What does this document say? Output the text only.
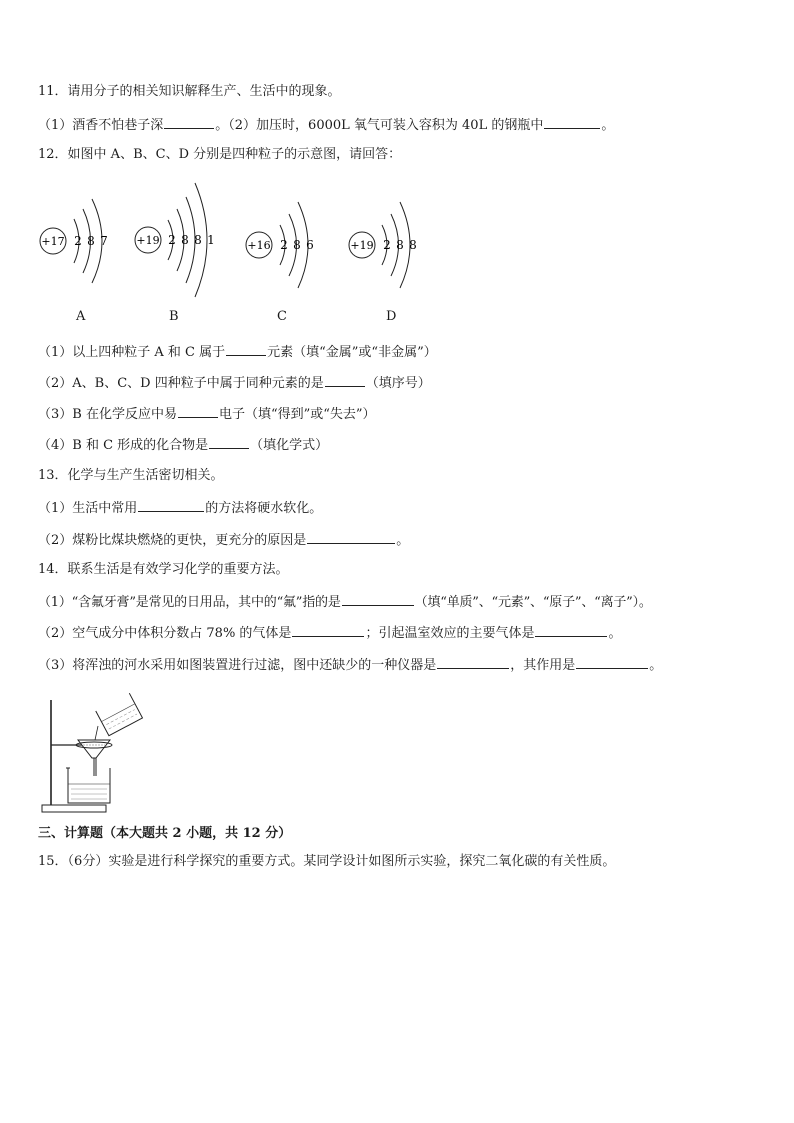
11．请用分子的相关知识解释生产、生活中的现象。
（1）酒香不怕巷子深	。（2）加压时，6000L 氧气可装入容积为 40L 的钢瓶中	。
12．如图中 A、B、C、D 分别是四种粒子的示意图，请回答：
+17 2 8 7
A
+19 2 8 8 1
B
+16 2 8 6
C
+19 2 8 8
D
（1）以上四种粒子 A 和 C 属于	元素（填“金属”或“非金属”）
（2）A、B、C、D 四种粒子中属于同种元素的是	（填序号）
（3）B 在化学反应中易	电子（填“得到”或“失去”）
（4）B 和 C 形成的化合物是	（填化学式）
13．化学与生产生活密切相关。
（1）生活中常用	的方法将硬水软化。
（2）煤粉比煤块燃烧的更快，更充分的原因是	。
14．联系生活是有效学习化学的重要方法。
（1）“含氟牙膏”是常见的日用品，其中的“氟”指的是	（填“单质”、“元素”、“原子”、“离子”）。
（2）空气成分中体积分数占 78% 的气体是	；引起温室效应的主要气体是	。
（3）将浑浊的河水采用如图装置进行过滤，图中还缺少的一种仪器是	，其作用是	。
三、计算题（本大题共 2 小题，共 12 分）
15．（6分）实验是进行科学探究的重要方式。某同学设计如图所示实验，探究二氧化碳的有关性质。
